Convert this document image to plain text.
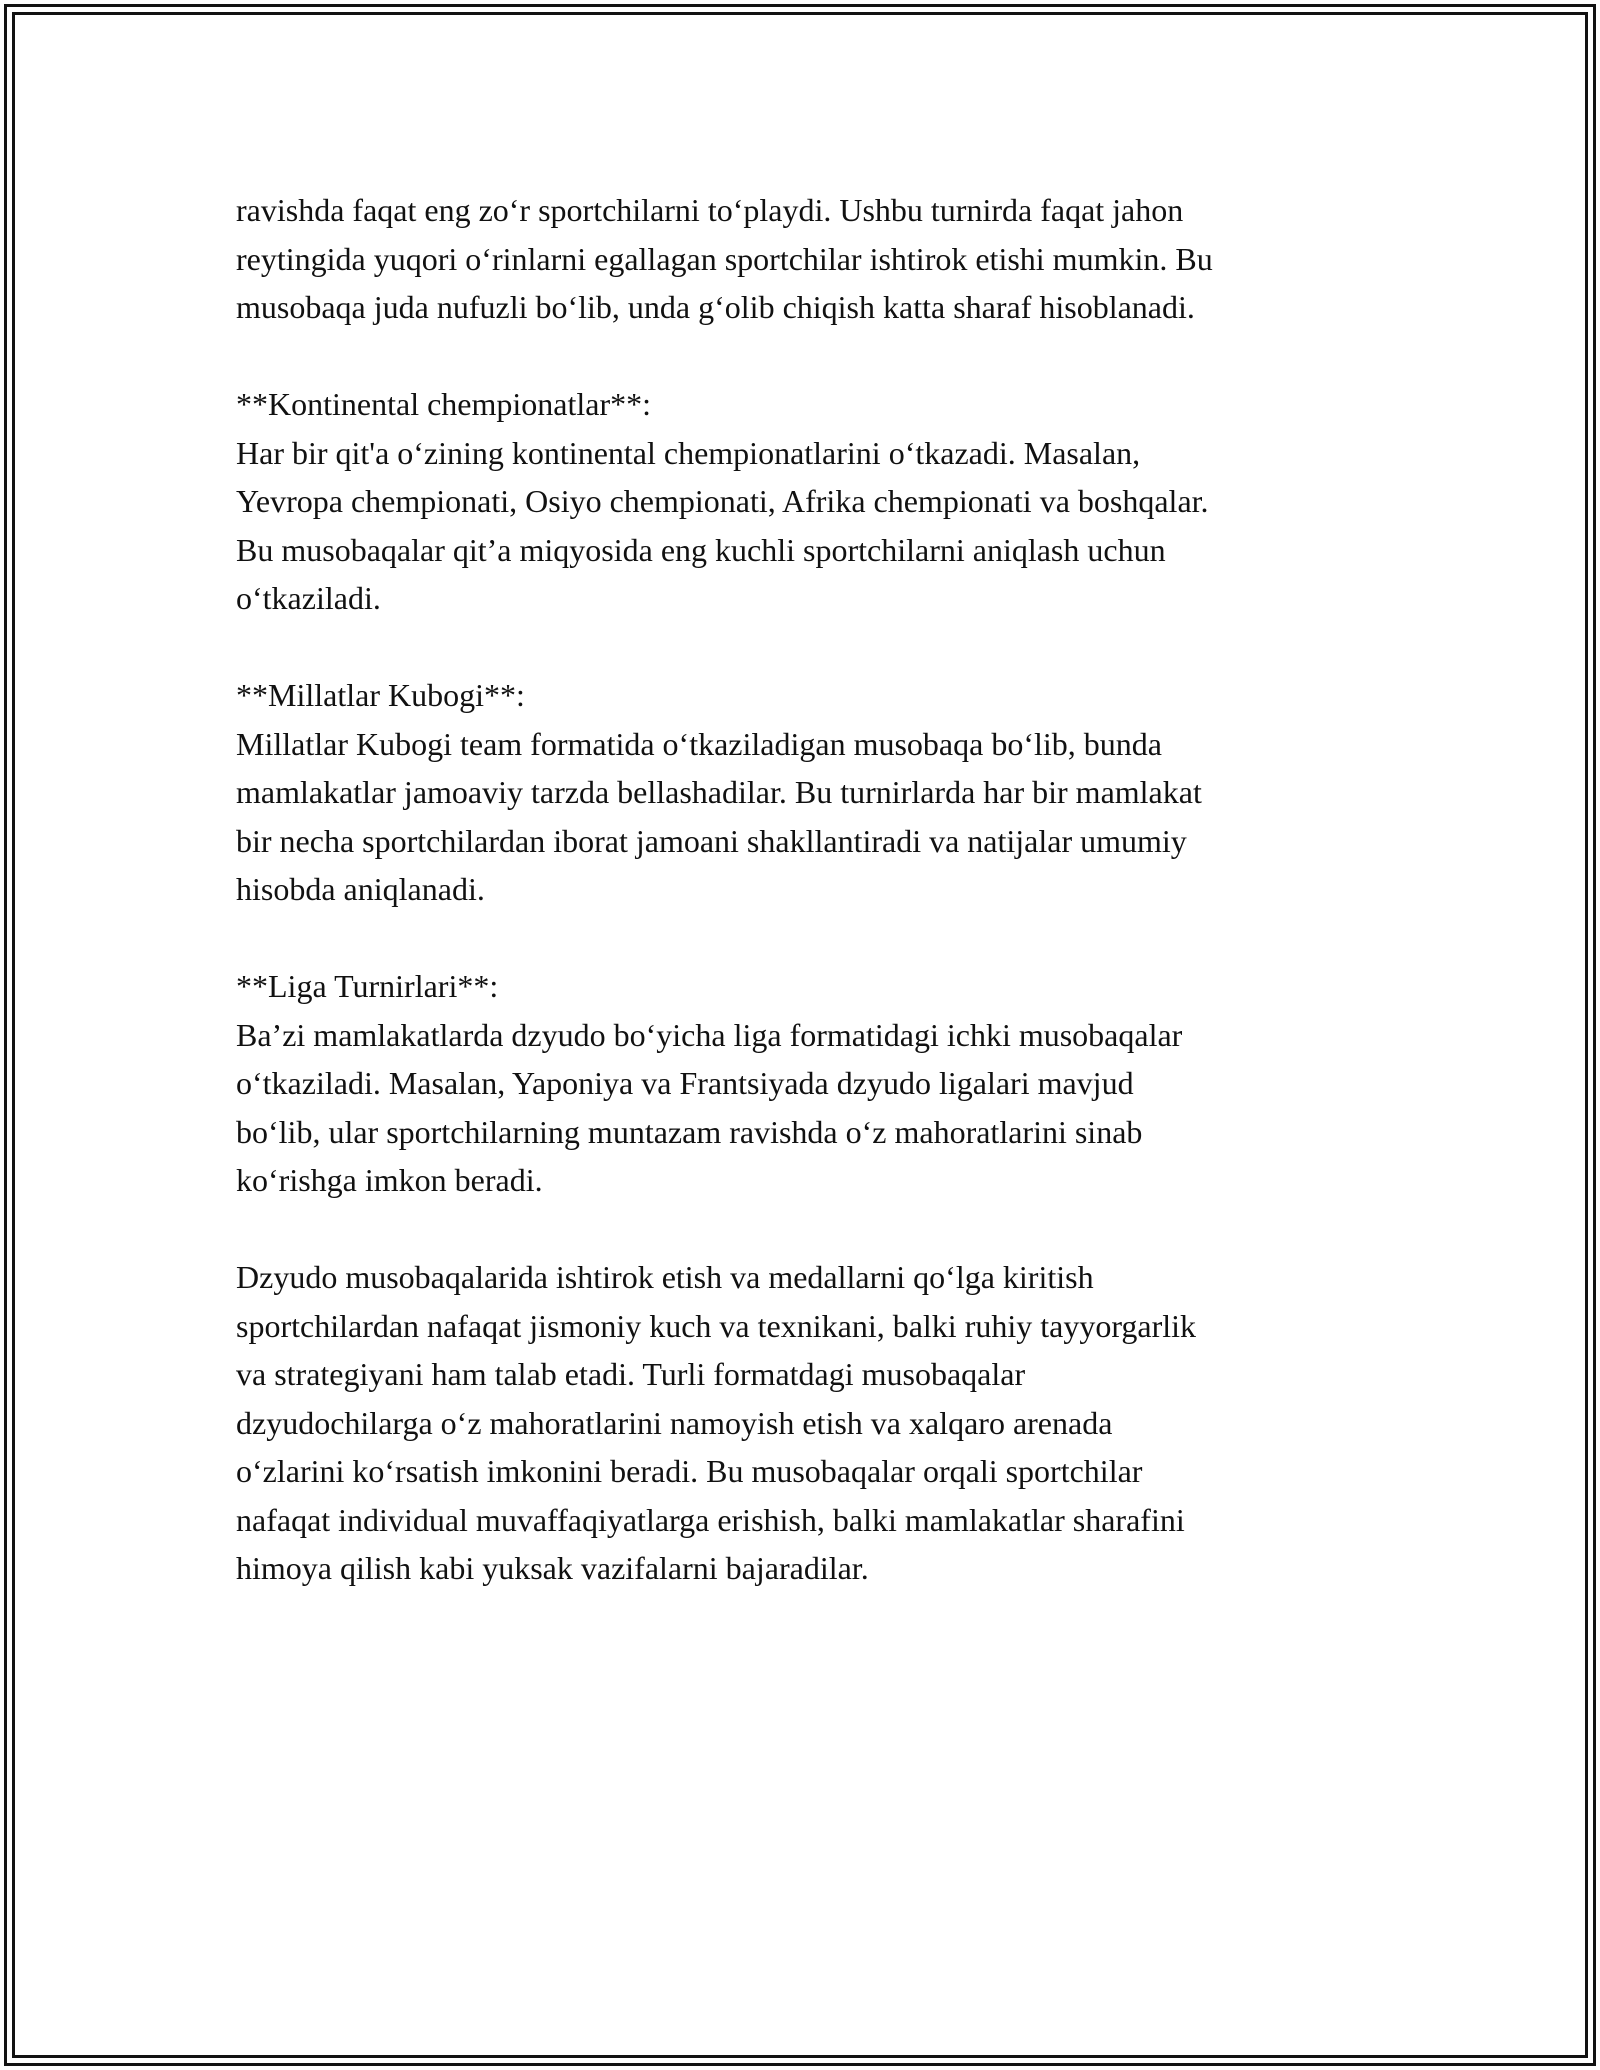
ravishda faqat eng zo‘r sportchilarni to‘playdi. Ushbu turnirda faqat jahon
reytingida yuqori o‘rinlarni egallagan sportchilar ishtirok etishi mumkin. Bu
musobaqa juda nufuzli bo‘lib, unda g‘olib chiqish katta sharaf hisoblanadi.

**Kontinental chempionatlar**:
Har bir qit'a o‘zining kontinental chempionatlarini o‘tkazadi. Masalan,
Yevropa chempionati, Osiyo chempionati, Afrika chempionati va boshqalar.
Bu musobaqalar qit’a miqyosida eng kuchli sportchilarni aniqlash uchun
o‘tkaziladi.

**Millatlar Kubogi**:
Millatlar Kubogi team formatida o‘tkaziladigan musobaqa bo‘lib, bunda
mamlakatlar jamoaviy tarzda bellashadilar. Bu turnirlarda har bir mamlakat
bir necha sportchilardan iborat jamoani shakllantiradi va natijalar umumiy
hisobda aniqlanadi.

**Liga Turnirlari**:
Ba’zi mamlakatlarda dzyudo bo‘yicha liga formatidagi ichki musobaqalar
o‘tkaziladi. Masalan, Yaponiya va Frantsiyada dzyudo ligalari mavjud
bo‘lib, ular sportchilarning muntazam ravishda o‘z mahoratlarini sinab
ko‘rishga imkon beradi.

Dzyudo musobaqalarida ishtirok etish va medallarni qo‘lga kiritish
sportchilardan nafaqat jismoniy kuch va texnikani, balki ruhiy tayyorgarlik
va strategiyani ham talab etadi. Turli formatdagi musobaqalar
dzyudochilarga o‘z mahoratlarini namoyish etish va xalqaro arenada
o‘zlarini ko‘rsatish imkonini beradi. Bu musobaqalar orqali sportchilar
nafaqat individual muvaffaqiyatlarga erishish, balki mamlakatlar sharafini
himoya qilish kabi yuksak vazifalarni bajaradilar.
